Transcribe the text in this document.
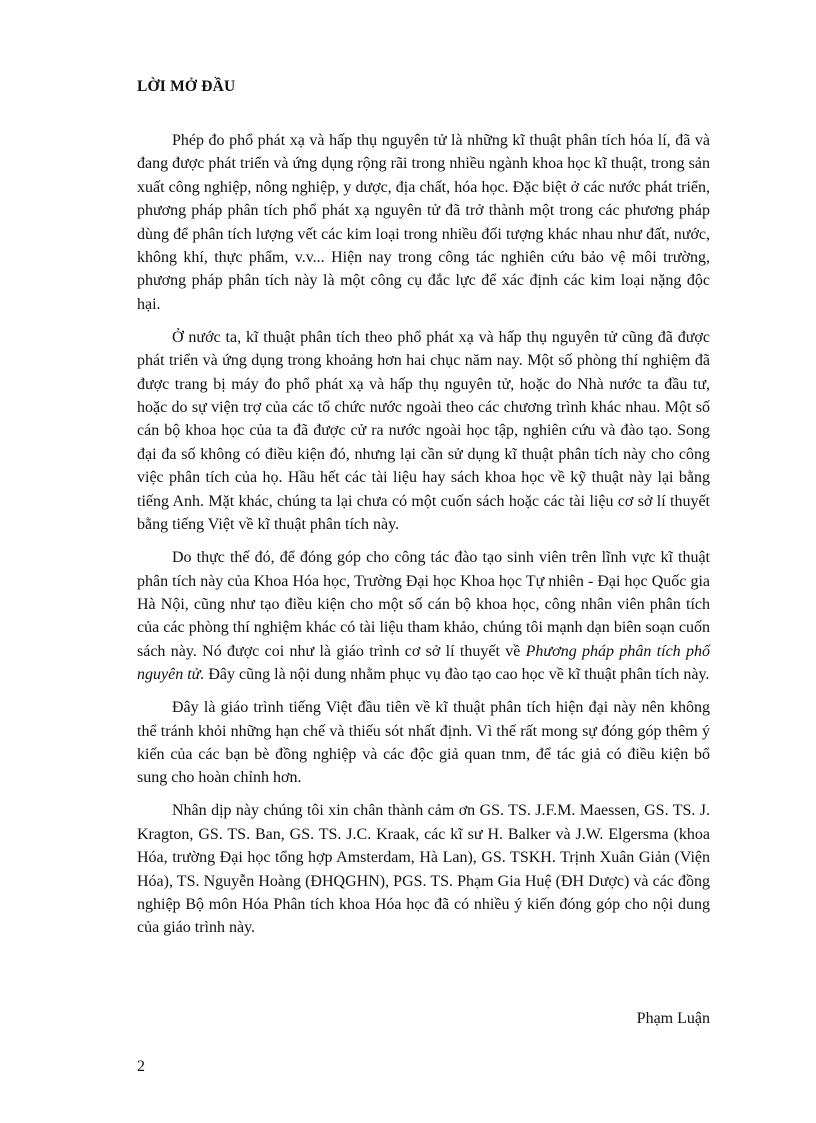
LỜI MỞ ĐẦU

Phép đo phổ phát xạ và hấp thụ nguyên tử là những kĩ thuật phân tích hóa lí, đã và đang được phát triển và ứng dụng rộng rãi trong nhiều ngành khoa học kĩ thuật, trong sản xuất công nghiệp, nông nghiệp, y dược, địa chất, hóa học. Đặc biệt ở các nước phát triển, phương pháp phân tích phổ phát xạ nguyên tử đã trở thành một trong các phương pháp dùng để phân tích lượng vết các kim loại trong nhiều đối tượng khác nhau như đất, nước, không khí, thực phẩm, v.v... Hiện nay trong công tác nghiên cứu bảo vệ môi trường, phương pháp phân tích này là một công cụ đắc lực để xác định các kim loại nặng độc hại.

Ở nước ta, kĩ thuật phân tích theo phổ phát xạ và hấp thụ nguyên tử cũng đã được phát triển và ứng dụng trong khoảng hơn hai chục năm nay. Một số phòng thí nghiệm đã được trang bị máy đo phổ phát xạ và hấp thụ nguyên tử, hoặc do Nhà nước ta đầu tư, hoặc do sự viện trợ của các tổ chức nước ngoài theo các chương trình khác nhau. Một số cán bộ khoa học của ta đã được cử ra nước ngoài học tập, nghiên cứu và đào tạo. Song đại đa số không có điều kiện đó, nhưng lại cần sử dụng kĩ thuật phân tích này cho công việc phân tích của họ. Hầu hết các tài liệu hay sách khoa học về kỹ thuật này lại bằng tiếng Anh. Mặt khác, chúng ta lại chưa có một cuốn sách hoặc các tài liệu cơ sở lí thuyết bằng tiếng Việt về kĩ thuật phân tích này.

Do thực thế đó, để đóng góp cho công tác đào tạo sinh viên trên lĩnh vực kĩ thuật phân tích này của Khoa Hóa học, Trường Đại học Khoa học Tự nhiên - Đại học Quốc gia Hà Nội, cũng như tạo điều kiện cho một số cán bộ khoa học, công nhân viên phân tích của các phòng thí nghiệm khác có tài liệu tham khảo, chúng tôi mạnh dạn biên soạn cuốn sách này. Nó được coi như là giáo trình cơ sở lí thuyết về Phương pháp phân tích phổ nguyên tử. Đây cũng là nội dung nhằm phục vụ đào tạo cao học về kĩ thuật phân tích này.

Đây là giáo trình tiếng Việt đầu tiên về kĩ thuật phân tích hiện đại này nên không thể tránh khỏi những hạn chế và thiếu sót nhất định. Vì thế rất mong sự đóng góp thêm ý kiến của các bạn bè đồng nghiệp và các độc giả quan tnm, để tác giả có điều kiện bổ sung cho hoàn chỉnh hơn.

Nhân dịp này chúng tôi xin chân thành cảm ơn GS. TS. J.F.M. Maessen, GS. TS. J. Kragton, GS. TS. Ban, GS. TS. J.C. Kraak, các kĩ sư H. Balker và J.W. Elgersma (khoa Hóa, trường Đại học tổng hợp Amsterdam, Hà Lan), GS. TSKH. Trịnh Xuân Giản (Viện Hóa), TS. Nguyễn Hoàng (ĐHQGHN), PGS. TS. Phạm Gia Huệ (ĐH Dược) và các đồng nghiệp Bộ môn Hóa Phân tích khoa Hóa học đã có nhiều ý kiến đóng góp cho nội dung của giáo trình này.

Phạm Luận
2
